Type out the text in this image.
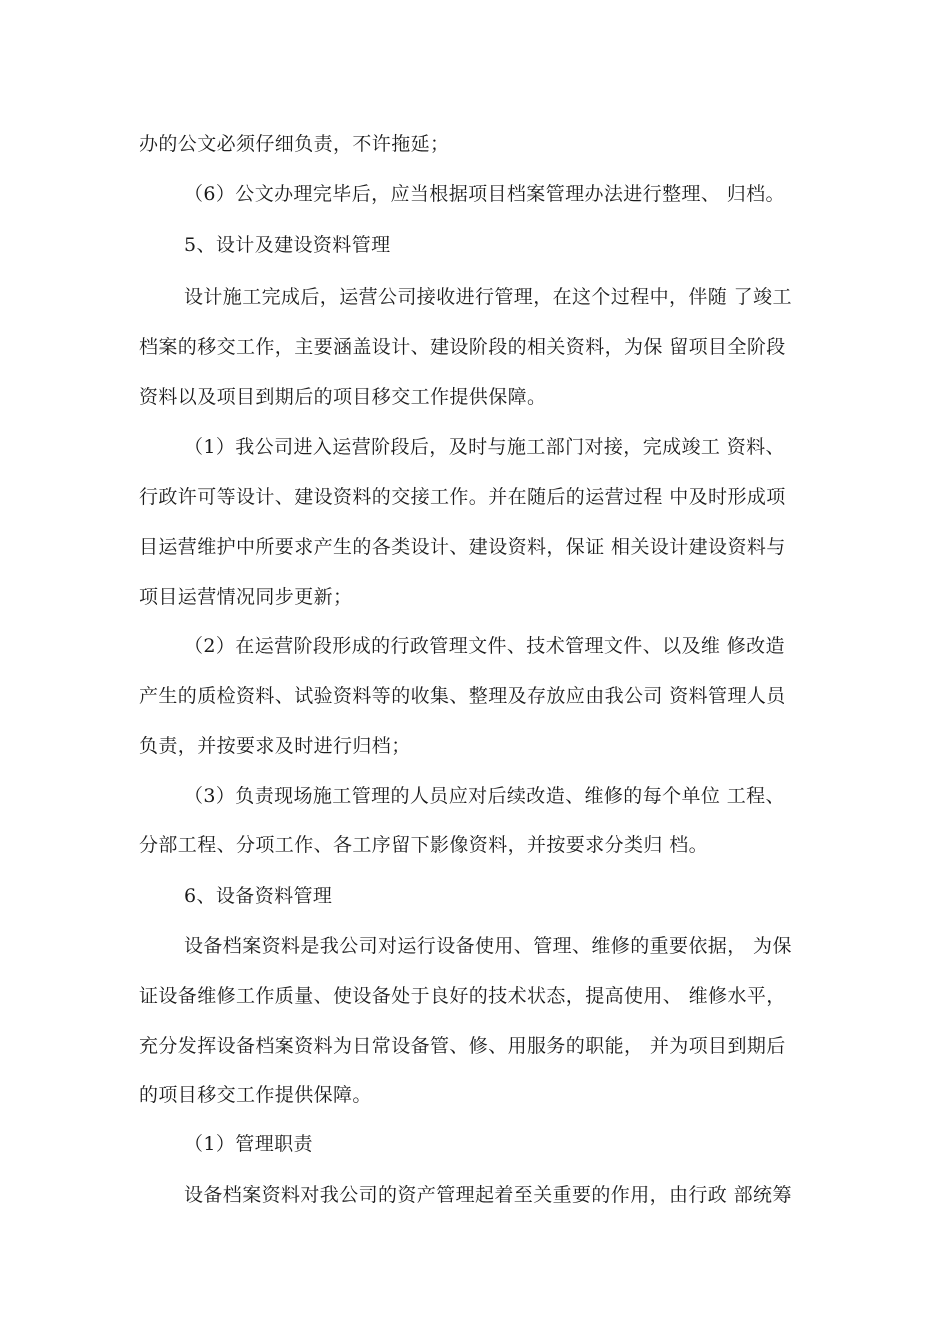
办的公文必须仔细负责，不许拖延；
（6）公文办理完毕后，应当根据项目档案管理办法进行整理、 归档。
5、设计及建设资料管理
设计施工完成后，运营公司接收进行管理，在这个过程中，伴随 了竣工
档案的移交工作，主要涵盖设计、建设阶段的相关资料，为保 留项目全阶段
资料以及项目到期后的项目移交工作提供保障。
（1）我公司进入运营阶段后，及时与施工部门对接，完成竣工 资料、
行政许可等设计、建设资料的交接工作。并在随后的运营过程 中及时形成项
目运营维护中所要求产生的各类设计、建设资料，保证 相关设计建设资料与
项目运营情况同步更新；
（2）在运营阶段形成的行政管理文件、技术管理文件、以及维 修改造
产生的质检资料、试验资料等的收集、整理及存放应由我公司 资料管理人员
负责，并按要求及时进行归档；
（3）负责现场施工管理的人员应对后续改造、维修的每个单位 工程、
分部工程、分项工作、各工序留下影像资料，并按要求分类归 档。
6、设备资料管理
设备档案资料是我公司对运行设备使用、管理、维修的重要依据， 为保
证设备维修工作质量、使设备处于良好的技术状态，提高使用、 维修水平，
充分发挥设备档案资料为日常设备管、修、用服务的职能， 并为项目到期后
的项目移交工作提供保障。
（1）管理职责
设备档案资料对我公司的资产管理起着至关重要的作用，由行政 部统筹
